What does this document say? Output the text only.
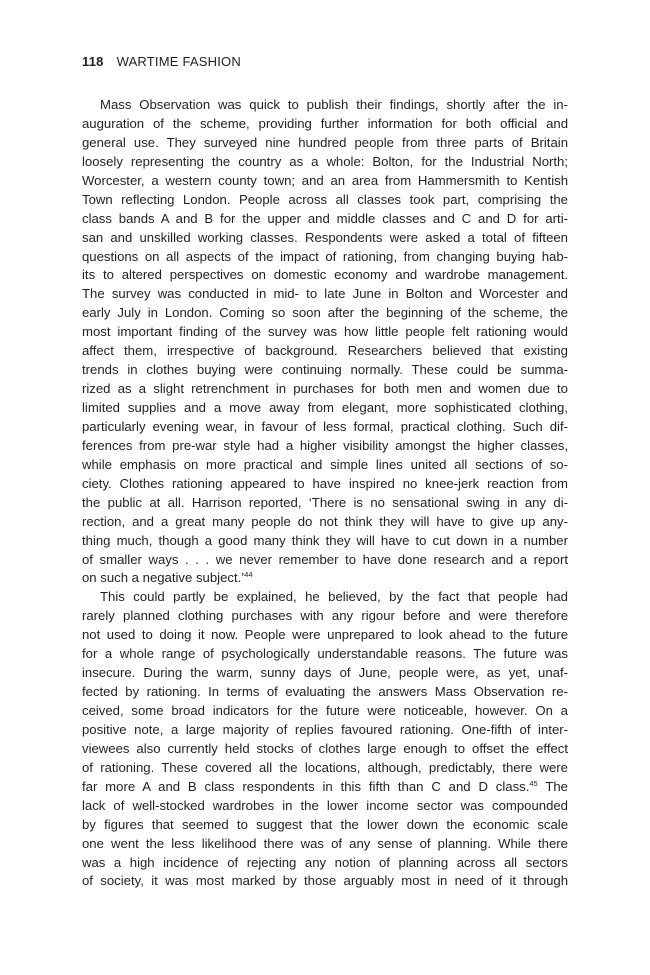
118 WARTIME FASHION
Mass Observation was quick to publish their findings, shortly after the in-
auguration of the scheme, providing further information for both official and
general use. They surveyed nine hundred people from three parts of Britain
loosely representing the country as a whole: Bolton, for the Industrial North;
Worcester, a western county town; and an area from Hammersmith to Kentish
Town reflecting London. People across all classes took part, comprising the
class bands A and B for the upper and middle classes and C and D for arti-
san and unskilled working classes. Respondents were asked a total of fifteen
questions on all aspects of the impact of rationing, from changing buying hab-
its to altered perspectives on domestic economy and wardrobe management.
The survey was conducted in mid- to late June in Bolton and Worcester and
early July in London. Coming so soon after the beginning of the scheme, the
most important finding of the survey was how little people felt rationing would
affect them, irrespective of background. Researchers believed that existing
trends in clothes buying were continuing normally. These could be summa-
rized as a slight retrenchment in purchases for both men and women due to
limited supplies and a move away from elegant, more sophisticated clothing,
particularly evening wear, in favour of less formal, practical clothing. Such dif-
ferences from pre-war style had a higher visibility amongst the higher classes,
while emphasis on more practical and simple lines united all sections of so-
ciety. Clothes rationing appeared to have inspired no knee-jerk reaction from
the public at all. Harrison reported, ‘There is no sensational swing in any di-
rection, and a great many people do not think they will have to give up any-
thing much, though a good many think they will have to cut down in a number
of smaller ways . . . we never remember to have done research and a report
on such a negative subject.’$^{44}$
This could partly be explained, he believed, by the fact that people had
rarely planned clothing purchases with any rigour before and were therefore
not used to doing it now. People were unprepared to look ahead to the future
for a whole range of psychologically understandable reasons. The future was
insecure. During the warm, sunny days of June, people were, as yet, unaf-
fected by rationing. In terms of evaluating the answers Mass Observation re-
ceived, some broad indicators for the future were noticeable, however. On a
positive note, a large majority of replies favoured rationing. One-fifth of inter-
viewees also currently held stocks of clothes large enough to offset the effect
of rationing. These covered all the locations, although, predictably, there were
far more A and B class respondents in this fifth than C and D class.$^{45}$ The
lack of well-stocked wardrobes in the lower income sector was compounded
by figures that seemed to suggest that the lower down the economic scale
one went the less likelihood there was of any sense of planning. While there
was a high incidence of rejecting any notion of planning across all sectors
of society, it was most marked by those arguably most in need of it through
